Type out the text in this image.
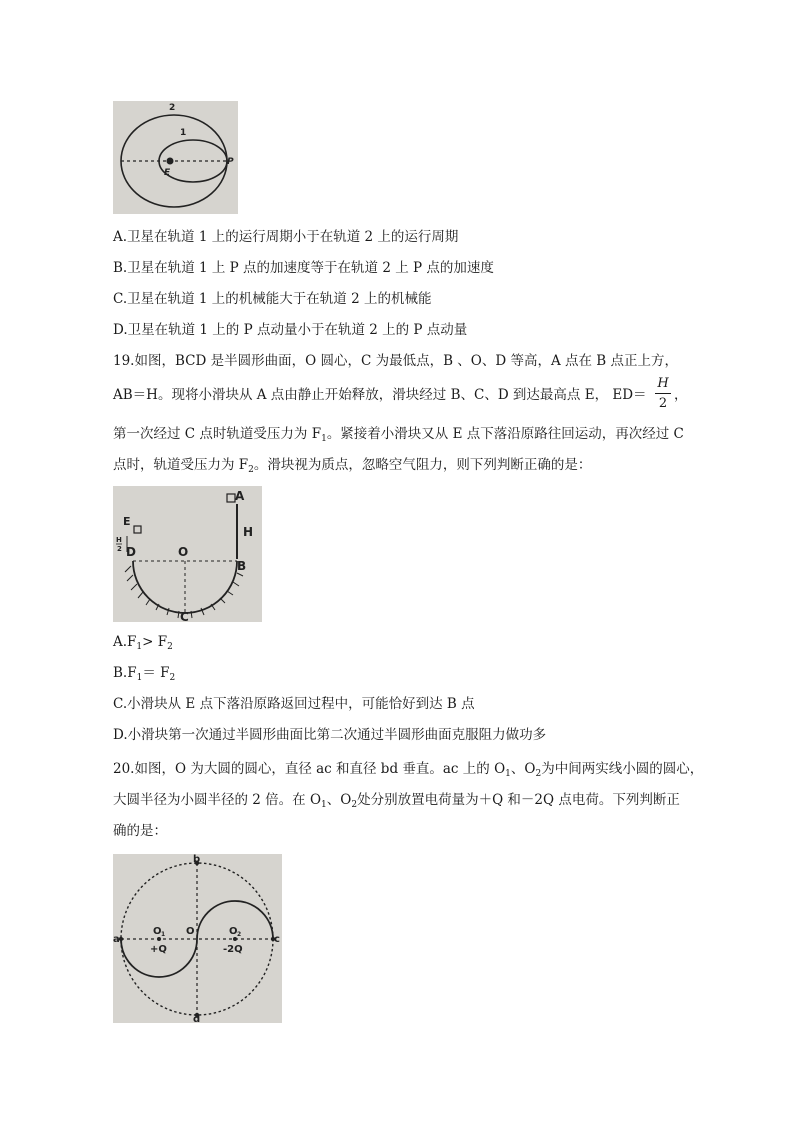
2
1
E
P
A.卫星在轨道 1 上的运行周期小于在轨道 2 上的运行周期
B.卫星在轨道 1 上 P 点的加速度等于在轨道 2 上 P 点的加速度
C.卫星在轨道 1 上的机械能大于在轨道 2 上的机械能
D.卫星在轨道 1 上的 P 点动量小于在轨道 2 上的 P 点动量
19.如图，BCD 是半圆形曲面，O 圆心，C 为最低点，B 、O、D 等高，A 点在 B 点正上方，
AB＝H。现将小滑块从 A 点由静止开始释放，滑块经过 B、C、D 到达最高点 E， ED＝
H
2
，
第一次经过 C 点时轨道受压力为 $F_1$。紧接着小滑块又从 E 点下落沿原路往回运动，再次经过 C
点时，轨道受压力为 $F_2$。滑块视为质点，忽略空气阻力，则下列判断正确的是：
A
H
E
H
2 D	O
B
C
$A.F_1> F_2$
$B.F_1= F_2$
C.小滑块从 E 点下落沿原路返回过程中，可能恰好到达 B 点
D.小滑块第一次通过半圆形曲面比第二次通过半圆形曲面克服阻力做功多
20.如图，O 为大圆的圆心，直径 ac 和直径 bd 垂直。ac 上的 $O_1$、$O_2$为中间两实线小圆的圆心，
大圆半径为小圆半径的 2 倍。在 $O_1$、$O_2$处分别放置电荷量为＋Q 和－2Q 点电荷。下列判断正
确的是：
b
d
a	c
O
O 1	O 2
+Q	-2Q
